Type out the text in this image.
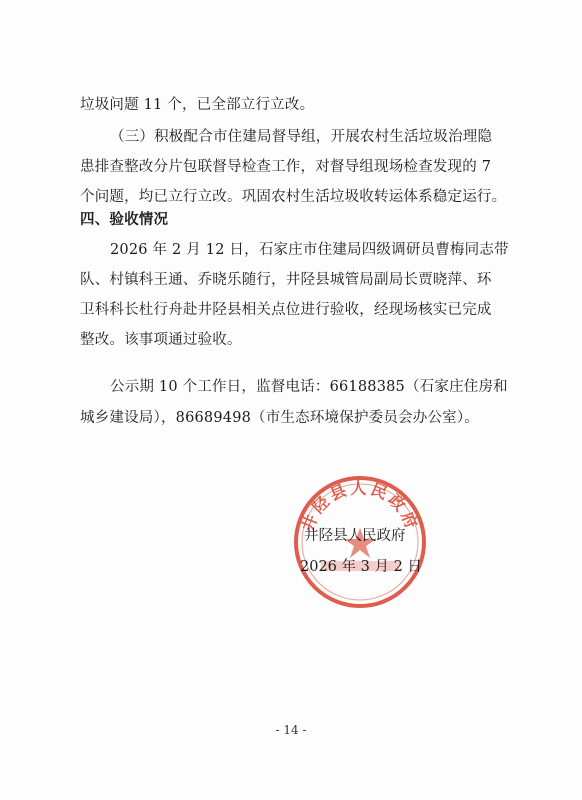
垃圾问题 11 个，已全部立行立改。
（三）积极配合市住建局督导组，开展农村生活垃圾治理隐
患排查整改分片包联督导检查工作，对督导组现场检查发现的 7
个问题，均已立行立改。巩固农村生活垃圾收转运体系稳定运行。
四、验收情况
2026 年 2 月 12 日，石家庄市住建局四级调研员曹梅同志带
队、村镇科王通、乔晓乐随行，井陉县城管局副局长贾晓萍、环
卫科科长杜行舟赴井陉县相关点位进行验收，经现场核实已完成
整改。该事项通过验收。
公示期 10 个工作日，监督电话：66188385（石家庄住房和
城乡建设局），86689498（市生态环境保护委员会办公室）。
井陉县人民政府
井陉县人民政府
2026 年 3 月 2 日
- 14 -
